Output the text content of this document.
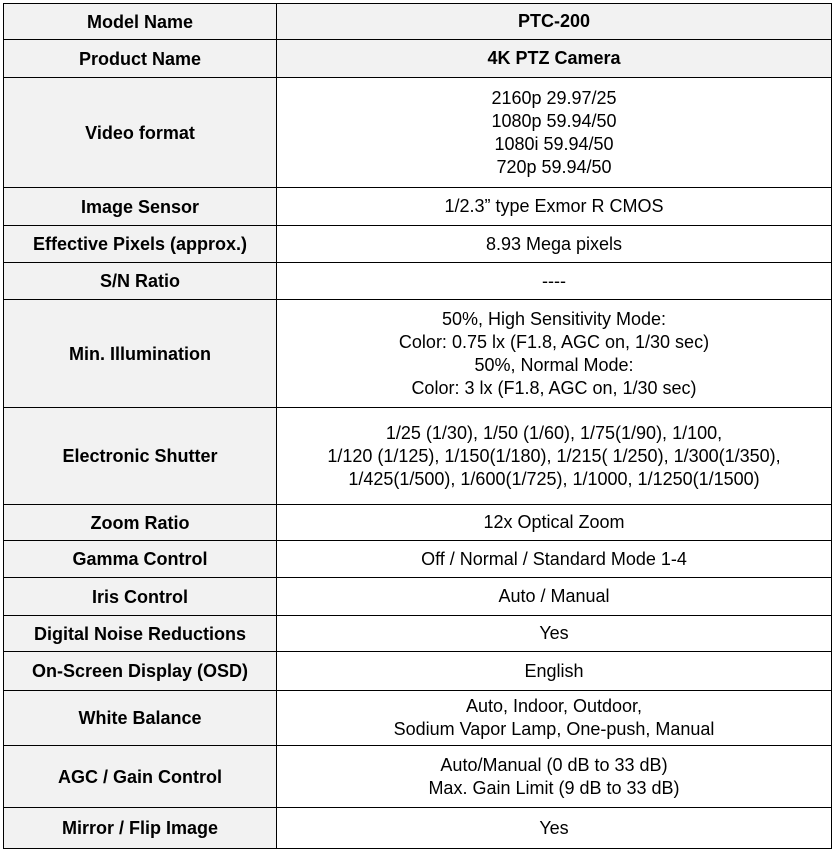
Model Name	PTC-200

Product Name	4K PTZ Camera

Video format	2160p 29.97/25
1080p 59.94/50
1080i 59.94/50
720p 59.94/50

Image Sensor	1/2.3” type Exmor R CMOS

Effective Pixels (approx.)	8.93 Mega pixels

S/N Ratio	----

Min. Illumination	50%, High Sensitivity Mode:
Color: 0.75 lx (F1.8, AGC on, 1/30 sec)
50%, Normal Mode:
Color: 3 lx (F1.8, AGC on, 1/30 sec)

Electronic Shutter	1/25 (1/30), 1/50 (1/60), 1/75(1/90), 1/100,
1/120 (1/125), 1/150(1/180), 1/215( 1/250), 1/300(1/350),
1/425(1/500), 1/600(1/725), 1/1000, 1/1250(1/1500)

Zoom Ratio	12x Optical Zoom

Gamma Control	Off / Normal / Standard Mode 1-4

Iris Control	Auto / Manual

Digital Noise Reductions	Yes

On-Screen Display (OSD)	English

White Balance	Auto, Indoor, Outdoor,
Sodium Vapor Lamp, One-push, Manual

AGC / Gain Control	Auto/Manual (0 dB to 33 dB)
Max. Gain Limit (9 dB to 33 dB)

Mirror / Flip Image	Yes
